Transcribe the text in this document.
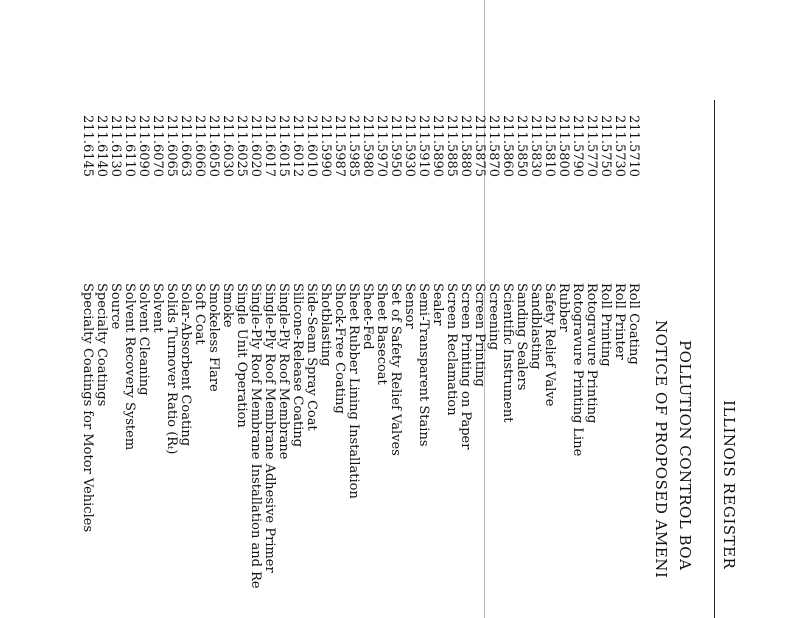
ILLINOIS REGISTER
POLLUTION CONTROL BOA
NOTICE OF PROPOSED AMENI
211.5710
Roll Coating
211.5730
Roll Printer
211.5750
Roll Printing
211.5770
Rotogravure Printing
211.5790
Rotogravure Printing Line
211.5800
Rubber
211.5810
Safety Relief Valve
211.5830
Sandblasting
211.5850
Sanding Sealers
211.5860
Scientific Instrument
211.5870
Screening
211.5875
Screen Printing
211.5880
Screen Printing on Paper
211.5885
Screen Reclamation
211.5890
Sealer
211.5910
Semi-Transparent Stains
211.5930
Sensor
211.5950
Set of Safety Relief Valves
211.5970
Sheet Basecoat
211.5980
Sheet-Fed
211.5985
Sheet Rubber Lining Installation
211.5987
Shock-Free Coating
211.5990
Shotblasting
211.6010
Side-Seam Spray Coat
211.6012
Silicone-Release Coating
211.6015
Single-Ply Roof Membrane
211.6017
Single-Ply Roof Membrane Adhesive Primer
211.6020
Single-Ply Roof Membrane Installation and Re
211.6025
Single Unit Operation
211.6030
Smoke
211.6050
Smokeless Flare
211.6060
Soft Coat
211.6063
Solar-Absorbent Coating
211.6065
Solids Turnover Ratio (Rₜ)
211.6070
Solvent
211.6090
Solvent Cleaning
211.6110
Solvent Recovery System
211.6130
Source
211.6140
Specialty Coatings
211.6145
Specialty Coatings for Motor Vehicles
